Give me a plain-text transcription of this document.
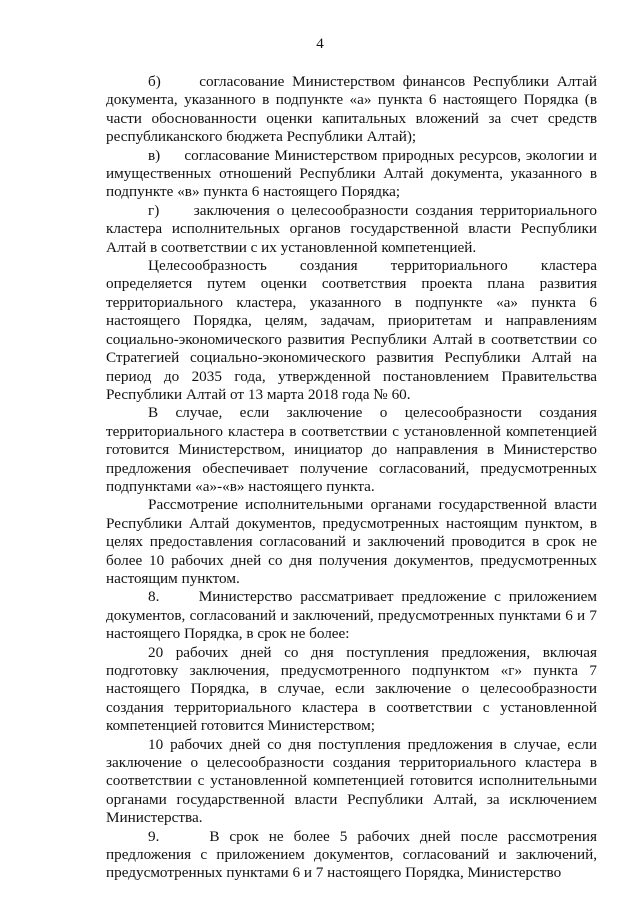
4

б)     согласование Министерством финансов Республики Алтай документа, указанного в подпункте «а» пункта 6 настоящего Порядка (в части обоснованности оценки капитальных вложений за счет средств республиканского бюджета Республики Алтай);

в)     согласование Министерством природных ресурсов, экологии и имущественных отношений Республики Алтай документа, указанного в подпункте «в» пункта 6 настоящего Порядка;

г)     заключения о целесообразности создания территориального кластера исполнительных органов государственной власти Республики Алтай в соответствии с их установленной компетенцией.

Целесообразность создания территориального кластера определяется путем оценки соответствия проекта плана развития территориального кластера, указанного в подпункте «а» пункта 6 настоящего Порядка, целям, задачам, приоритетам и направлениям социально-экономического развития Республики Алтай в соответствии со Стратегией социально-экономического развития Республики Алтай на период до 2035 года, утвержденной постановлением Правительства Республики Алтай от 13 марта 2018 года № 60.

В случае, если заключение о целесообразности создания территориального кластера в соответствии с установленной компетенцией готовится Министерством, инициатор до направления в Министерство предложения обеспечивает получение согласований, предусмотренных подпунктами «а»-«в» настоящего пункта.

Рассмотрение исполнительными органами государственной власти Республики Алтай документов, предусмотренных настоящим пунктом, в целях предоставления согласований и заключений проводится в срок не более 10 рабочих дней со дня получения документов, предусмотренных настоящим пунктом.

8.     Министерство рассматривает предложение с приложением документов, согласований и заключений, предусмотренных пунктами 6 и 7 настоящего Порядка, в срок не более:

20 рабочих дней со дня поступления предложения, включая подготовку заключения, предусмотренного подпунктом «г» пункта 7 настоящего Порядка, в случае, если заключение о целесообразности создания территориального кластера в соответствии с установленной компетенцией готовится Министерством;

10 рабочих дней со дня поступления предложения в случае, если заключение о целесообразности создания территориального кластера в соответствии с установленной компетенцией готовится исполнительными органами государственной власти Республики Алтай, за исключением Министерства.

9.     В срок не более 5 рабочих дней после рассмотрения предложения с приложением документов, согласований и заключений, предусмотренных пунктами 6 и 7 настоящего Порядка, Министерство
